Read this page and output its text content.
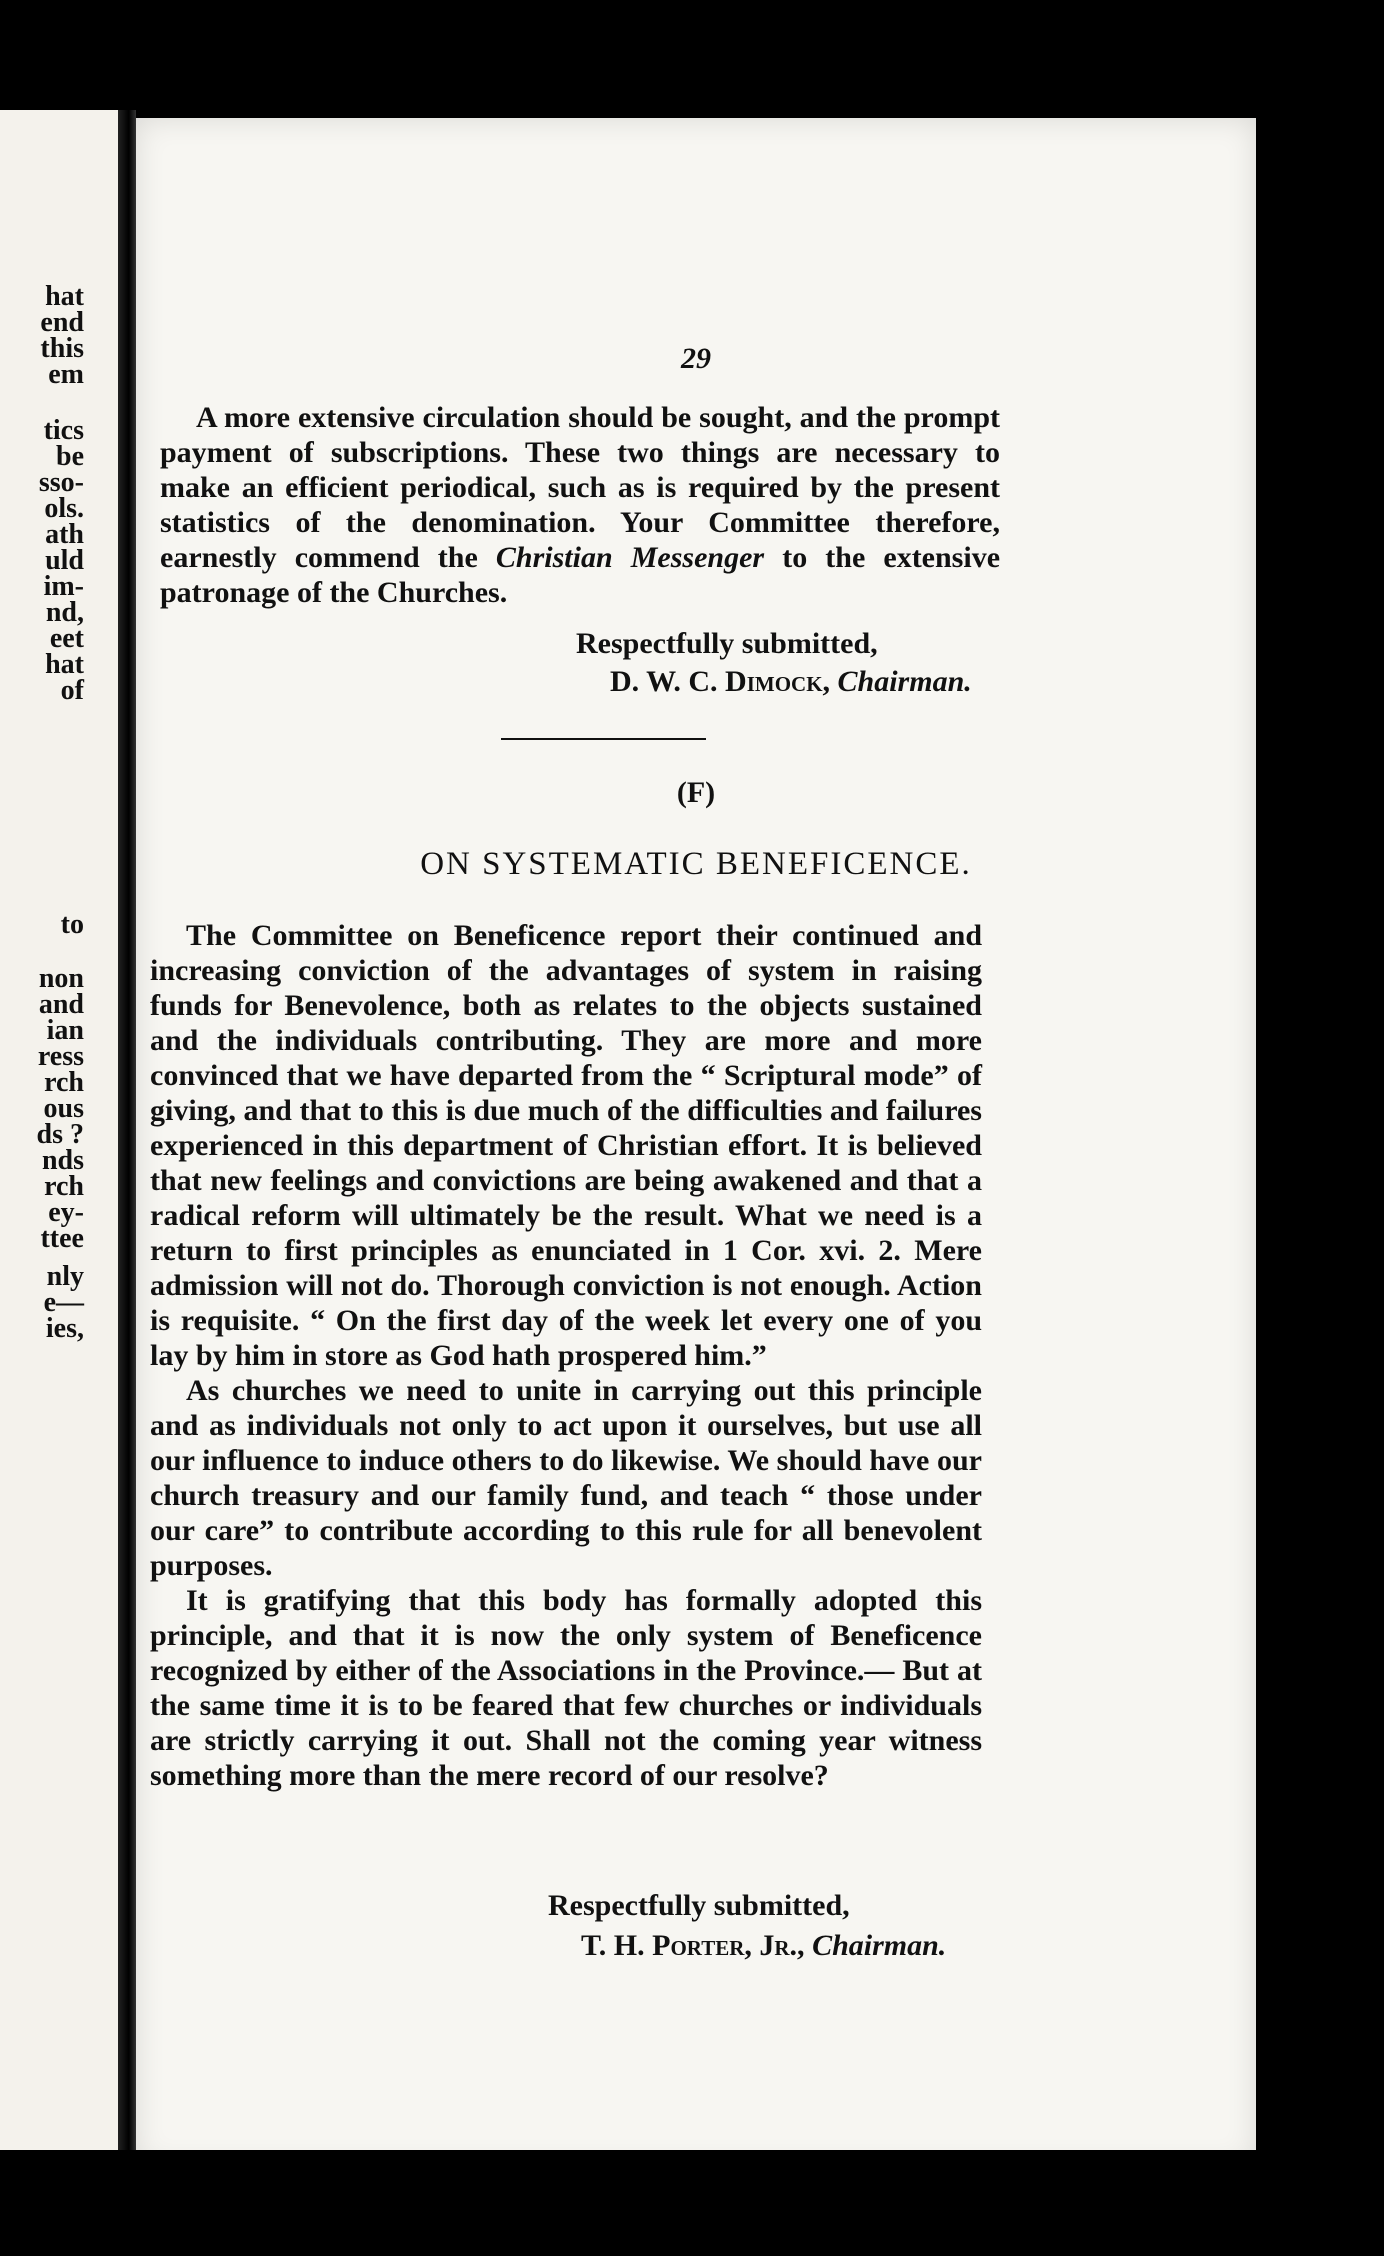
hat
end
this
em
tics
be
sso-
ols.
ath
uld
im-
nd,
eet
hat
of
to
non
and
ian
ress
rch
ous
ds ?
nds
rch
ey-
ttee
nly
e—
ies,
29

A more extensive circulation should be sought, and the prompt payment of subscriptions. These two things are necessary to make an efficient periodical, such as is required by the present statistics of the denomination. Your Committee therefore, earnestly commend the Christian Messenger to the extensive patronage of the Churches.

Respectfully submitted,
D. W. C. Dimock, Chairman.
(F)
ON SYSTEMATIC BENEFICENCE.

The Committee on Beneficence report their continued and increasing conviction of the advantages of system in raising funds for Benevolence, both as relates to the objects sustained and the individuals contributing. They are more and more convinced that we have departed from the “ Scriptural mode” of giving, and that to this is due much of the difficulties and failures experienced in this department of Christian effort. It is believed that new feelings and convictions are being awakened and that a radical reform will ultimately be the result. What we need is a return to first principles as enunciated in 1 Cor. xvi. 2. Mere admission will not do. Thorough conviction is not enough. Action is requisite. “ On the first day of the week let every one of you lay by him in store as God hath prospered him.”

As churches we need to unite in carrying out this principle and as individuals not only to act upon it ourselves, but use all our influence to induce others to do likewise. We should have our church treasury and our family fund, and teach “ those under our care” to contribute according to this rule for all benevolent purposes.

It is gratifying that this body has formally adopted this principle, and that it is now the only system of Beneficence recognized by either of the Associations in the Province.— But at the same time it is to be feared that few churches or individuals are strictly carrying it out. Shall not the coming year witness something more than the mere record of our resolve?

Respectfully submitted,
T. H. Porter, Jr., Chairman.
